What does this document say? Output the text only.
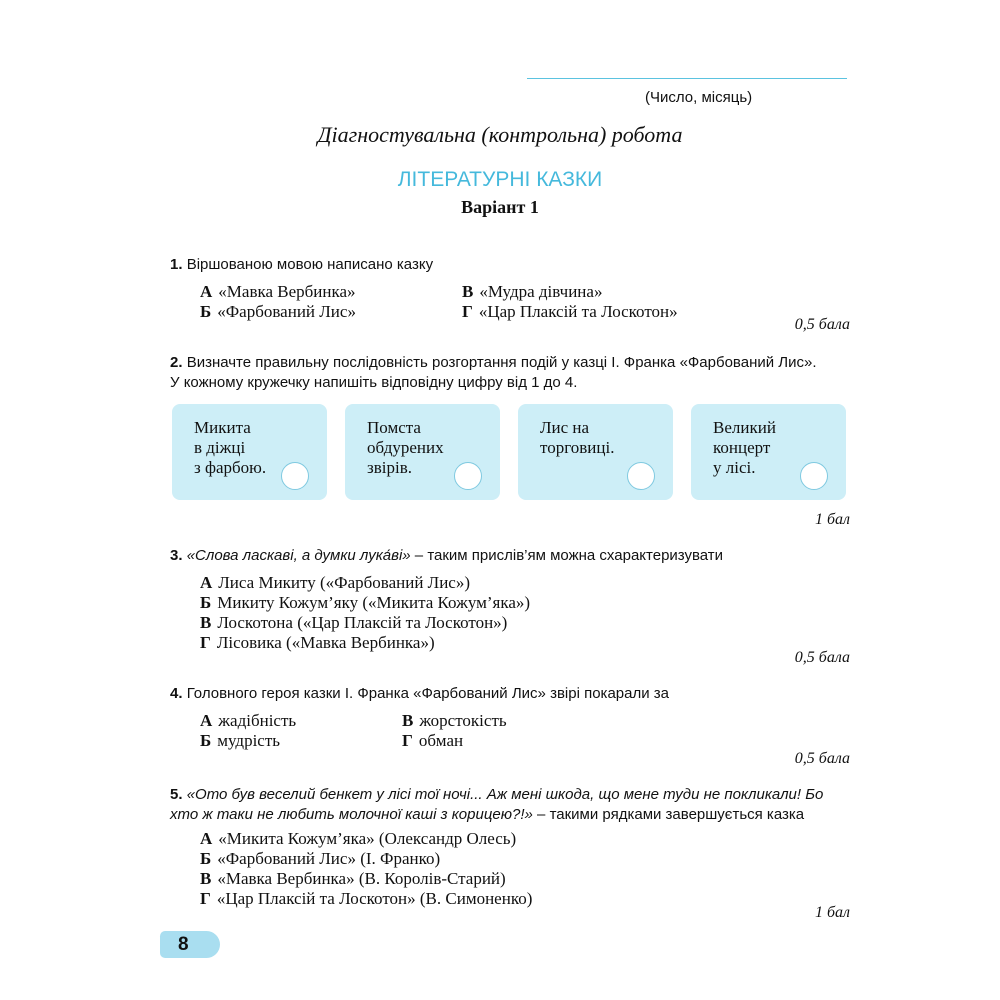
(Число, місяць)
Діагностувальна (контрольна) робота
ЛІТЕРАТУРНІ КАЗКИ
Варіант 1
1. Віршованою мовою написано казку
А «Мавка Вербинка»
Б «Фарбований Лис»
В «Мудра дівчина»
Г «Цар Плаксій та Лоскотон»
0,5 бала
2. Визначте правильну послідовність розгортання подій у казці І. Франка «Фарбований Лис».
У кожному кружечку напишіть відповідну цифру від 1 до 4.
Микита
в діжці
з фарбою.
Помста
обдурених
звірів.
Лис на
торговиці.
Великий
концерт
у лісі.
1 бал
3. «Слова ласкаві, а думки лука́ві» – таким прислів’ям можна схарактеризувати
А Лиса Микиту («Фарбований Лис»)
Б Микиту Кожум’яку («Микита Кожум’яка»)
В Лоскотона («Цар Плаксій та Лоскотон»)
Г Лісовика («Мавка Вербинка»)
0,5 бала
4. Головного героя казки І. Франка «Фарбований Лис» звірі покарали за
А жадібність
Б мудрість
В жорстокість
Г обман
0,5 бала
5. «Ото був веселий бенкет у лісі тої ночі... Аж мені шкода, що мене туди не покликали! Бо
хто ж таки не любить молочної каші з корицею?!» – такими рядками завершується казка
А «Микита Кожум’яка» (Олександр Олесь)
Б «Фарбований Лис» (І. Франко)
В «Мавка Вербинка» (В. Королів-Старий)
Г «Цар Плаксій та Лоскотон» (В. Симоненко)
1 бал
8
